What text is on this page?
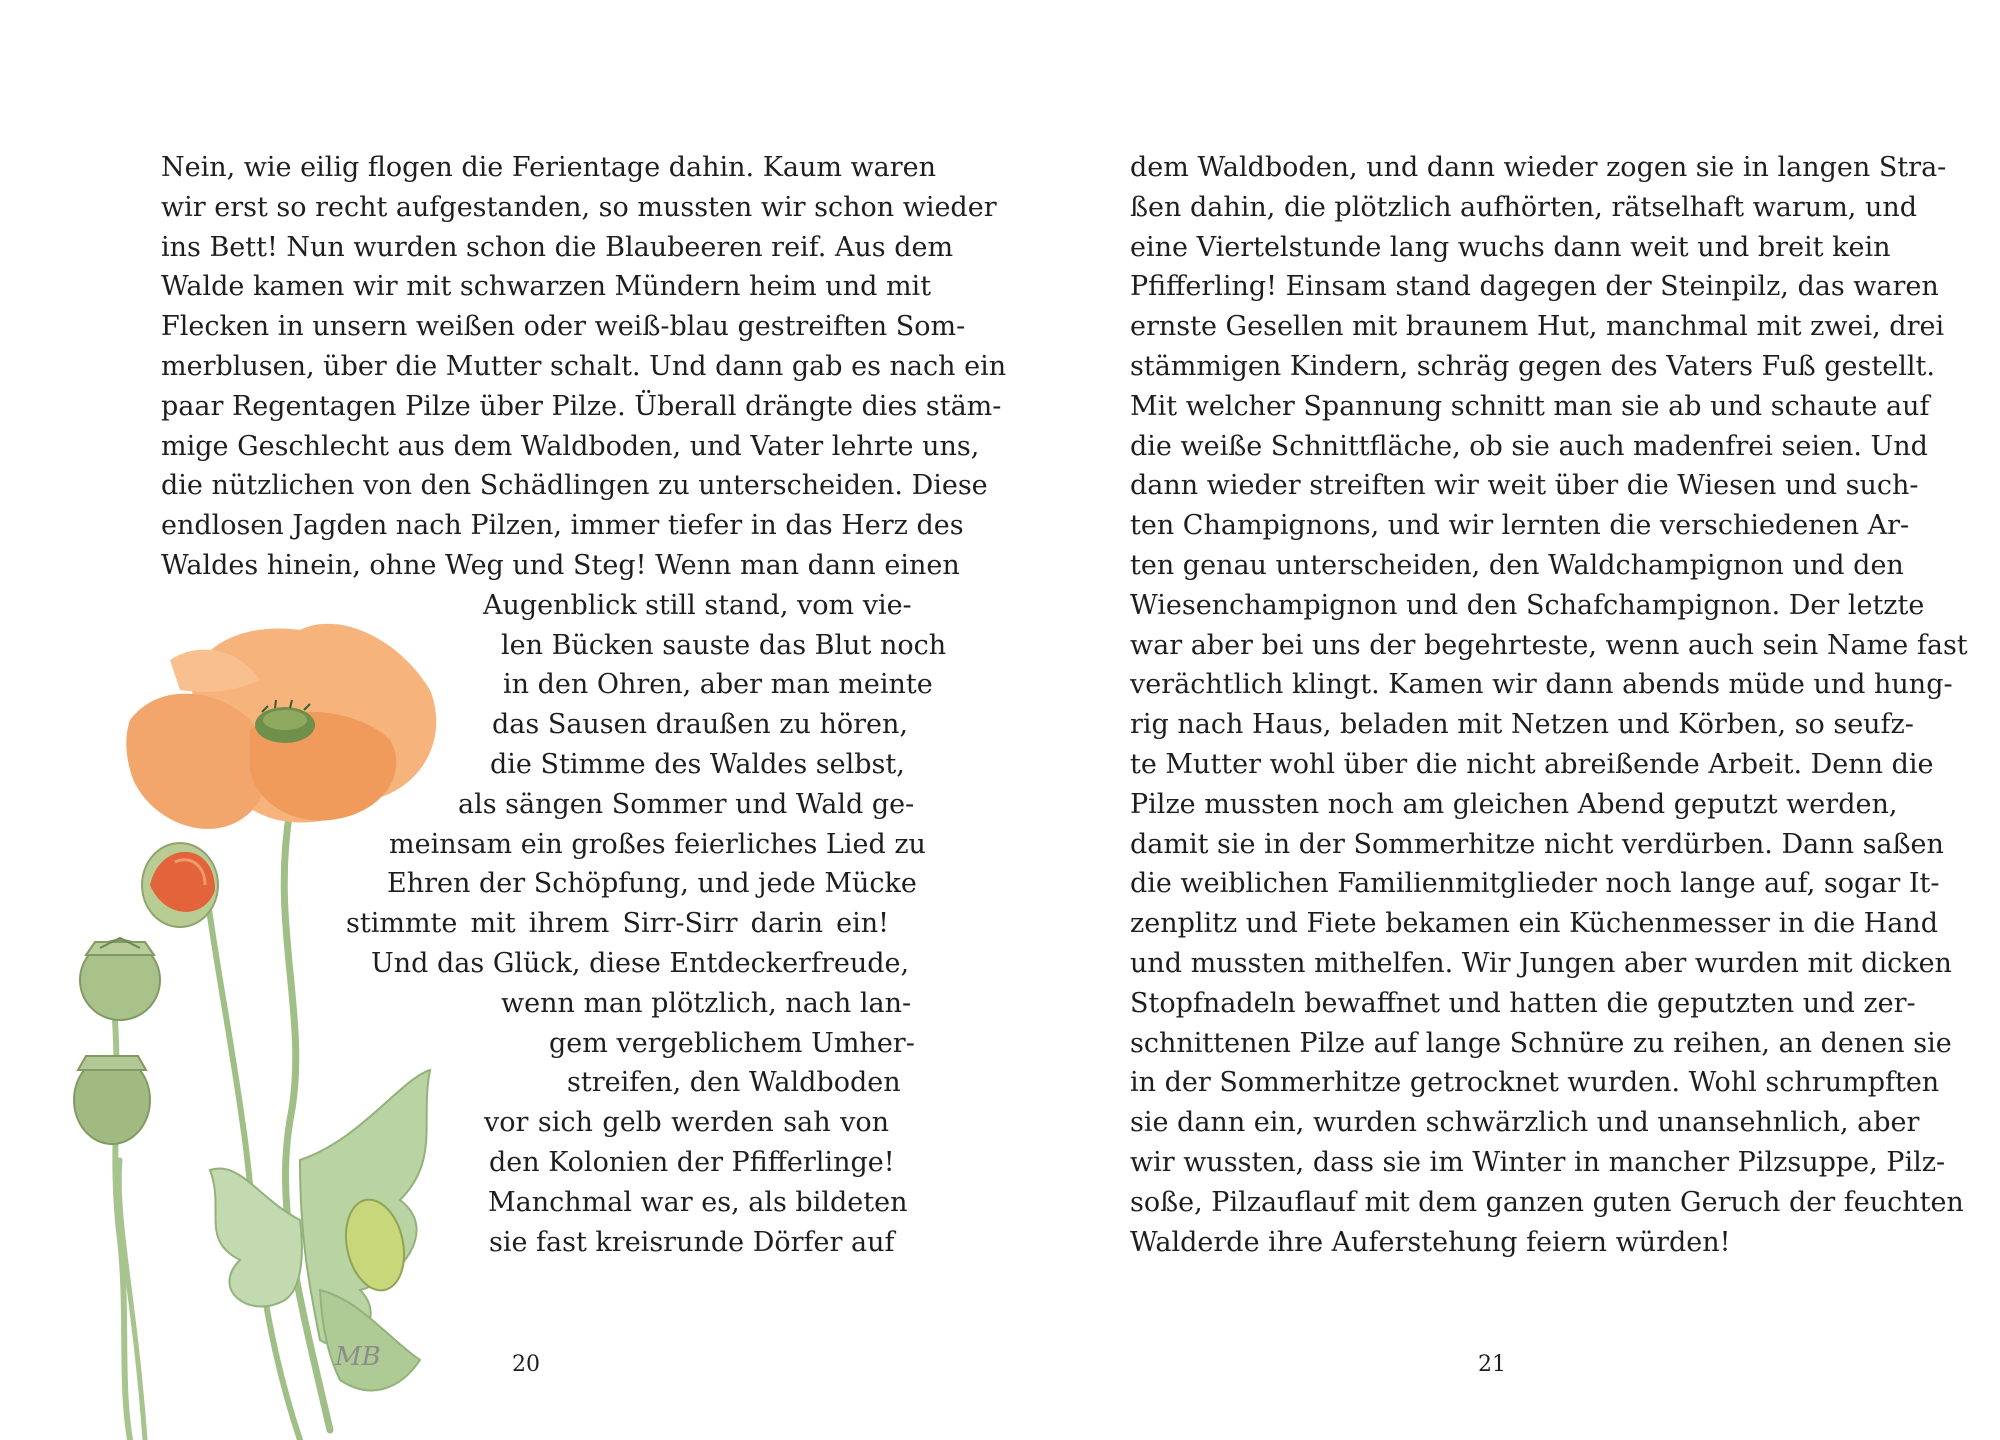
MB
Nein, wie eilig flogen die Ferientage dahin. Kaum waren
wir erst so recht aufgestanden, so mussten wir schon wieder
ins Bett! Nun wurden schon die Blaubeeren reif. Aus dem
Walde kamen wir mit schwarzen Mündern heim und mit
Flecken in unsern weißen oder weiß-blau gestreiften Som-
merblusen, über die Mutter schalt. Und dann gab es nach ein
paar Regentagen Pilze über Pilze. Überall drängte dies stäm-
mige Geschlecht aus dem Waldboden, und Vater lehrte uns,
die nützlichen von den Schädlingen zu unterscheiden. Diese
endlosen Jagden nach Pilzen, immer tiefer in das Herz des
Waldes hinein, ohne Weg und Steg! Wenn man dann einen
Augenblick still stand, vom vie-
len Bücken sauste das Blut noch
in den Ohren, aber man meinte
das Sausen draußen zu hören,
die Stimme des Waldes selbst,
als sängen Sommer und Wald ge-
meinsam ein großes feierliches Lied zu
Ehren der Schöpfung, und jede Mücke
stimmte mit ihrem Sirr-Sirr darin ein!
Und das Glück, diese Entdeckerfreude,
wenn man plötzlich, nach lan-
gem vergeblichem Umher-
streifen, den Waldboden
vor sich gelb werden sah von
den Kolonien der Pfifferlinge!
Manchmal war es, als bildeten
sie fast kreisrunde Dörfer auf
20
dem Waldboden, und dann wieder zogen sie in langen Stra-
ßen dahin, die plötzlich aufhörten, rätselhaft warum, und
eine Viertelstunde lang wuchs dann weit und breit kein
Pfifferling! Einsam stand dagegen der Steinpilz, das waren
ernste Gesellen mit braunem Hut, manchmal mit zwei, drei
stämmigen Kindern, schräg gegen des Vaters Fuß gestellt.
Mit welcher Spannung schnitt man sie ab und schaute auf
die weiße Schnittfläche, ob sie auch madenfrei seien. Und
dann wieder streiften wir weit über die Wiesen und such-
ten Champignons, und wir lernten die verschiedenen Ar-
ten genau unterscheiden, den Waldchampignon und den
Wiesenchampignon und den Schafchampignon. Der letzte
war aber bei uns der begehrteste, wenn auch sein Name fast
verächtlich klingt. Kamen wir dann abends müde und hung-
rig nach Haus, beladen mit Netzen und Körben, so seufz-
te Mutter wohl über die nicht abreißende Arbeit. Denn die
Pilze mussten noch am gleichen Abend geputzt werden,
damit sie in der Sommerhitze nicht verdürben. Dann saßen
die weiblichen Familienmitglieder noch lange auf, sogar It-
zenplitz und Fiete bekamen ein Küchenmesser in die Hand
und mussten mithelfen. Wir Jungen aber wurden mit dicken
Stopfnadeln bewaffnet und hatten die geputzten und zer-
schnittenen Pilze auf lange Schnüre zu reihen, an denen sie
in der Sommerhitze getrocknet wurden. Wohl schrumpften
sie dann ein, wurden schwärzlich und unansehnlich, aber
wir wussten, dass sie im Winter in mancher Pilzsuppe, Pilz-
soße, Pilzauflauf mit dem ganzen guten Geruch der feuchten
Walderde ihre Auferstehung feiern würden!
21
